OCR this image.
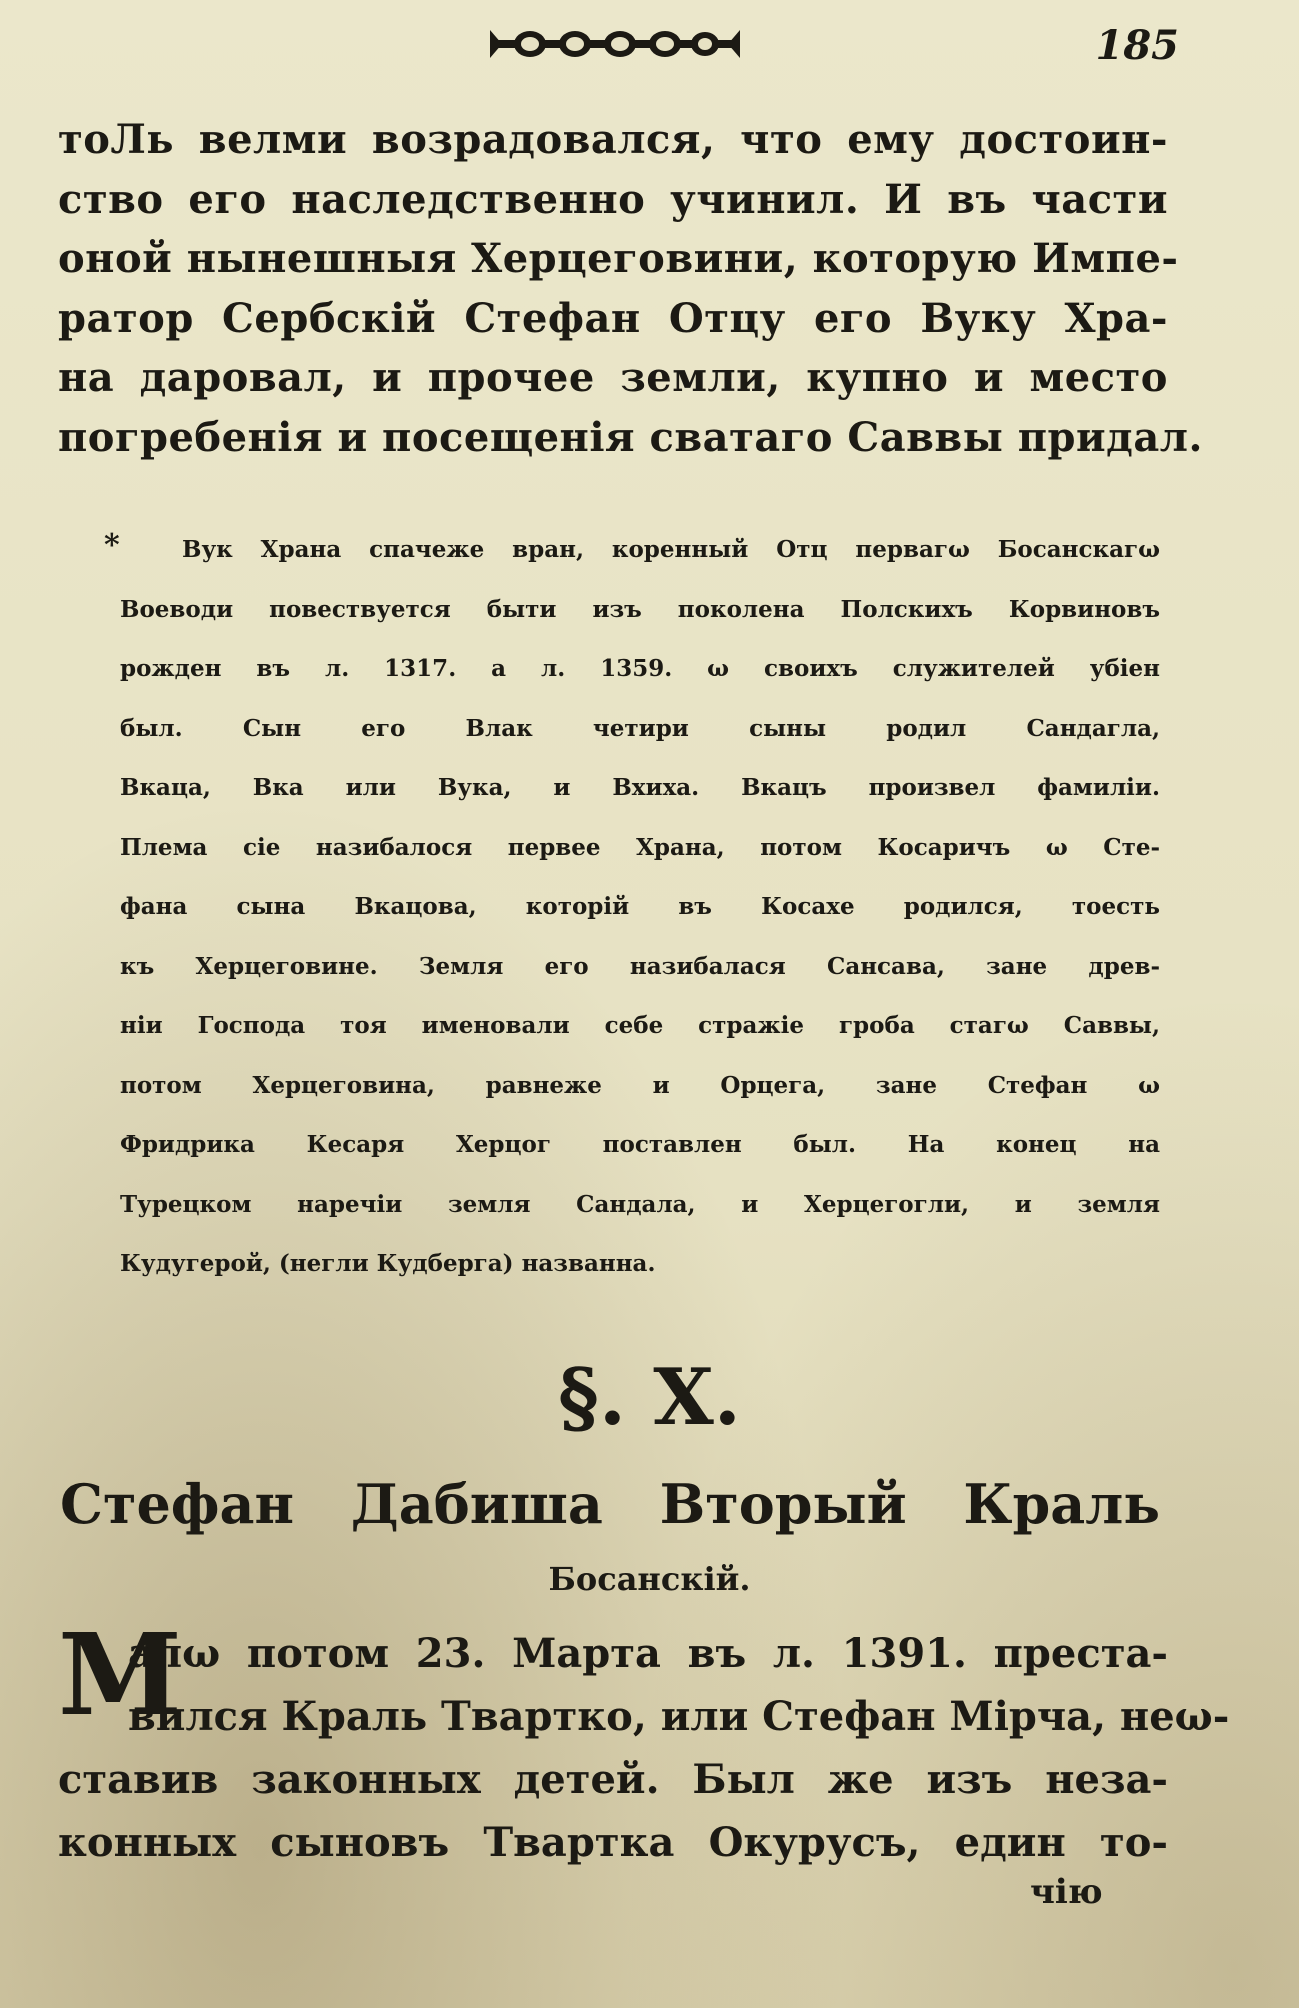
185
тоЛь велми возрадовался, что ему достоин-
ство его наследственно учинил. И въ части
оной нынешныя Херцеговини, которую Импе-
ратор Сербскій Стефан Отцу его Вуку Хра-
на даровал, и прочее земли, купно и место
погребенія и посещенія сватаго Саввы придал.
*	Вук Храна спачеже вран, коренный Отц первагω Босанскагω
Воеводи повествуется быти изъ поколена Полскихъ Корвиновъ
рожден въ л. 1317. а л. 1359. ω своихъ служителей убіен
был. Сын его Влак четири сыны родил Сандагла,
Вкаца, Вка или Вука, и Вхиха. Вкацъ произвел фамиліи.
Плема сіе назибалося первее Храна, потом Косаричъ ω Сте-
фана сына Вкацова, которій въ Косахе родился, тоесть
къ Херцеговине. Земля его назибалася Сансава, зане древ-
ніи Господа тоя именовали себе стражіе гроба стагω Саввы,
потом Херцеговина, равнеже и Орцега, зане Стефан ω
Фридрика Кесаря Херцог поставлен был. На конец на
Турецком наречіи земля Сандала, и Херцегогли, и земля
Кудугерой, (негли Кудберга) названна.
§. X.
Стефан Дабиша Вторый Краль
Босанскій.
М
алω потом 23. Марта въ л. 1391. преста-
вился Краль Твартко, или Стефан Мірча, неω-
ставив законных детей. Был же изъ неза-
конных сыновъ Твартка Окурусъ, един то-
чію
